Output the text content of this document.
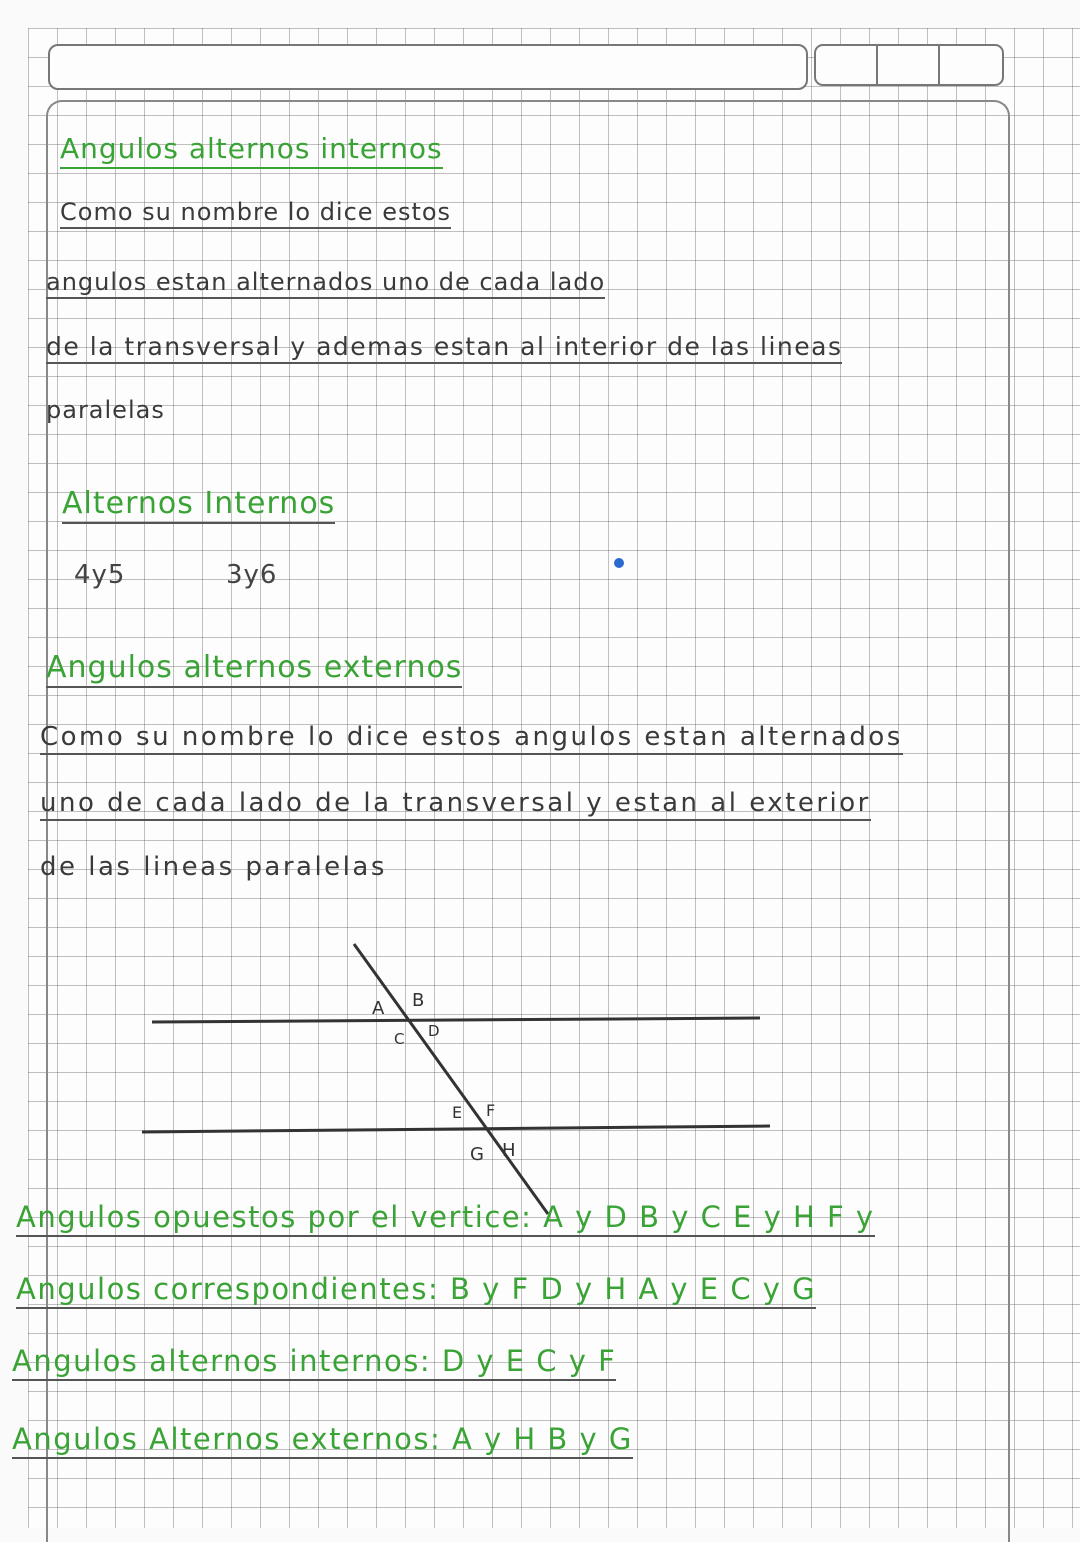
Angulos alternos internos
Como su nombre lo dice estos
angulos estan alternados uno de cada lado
de la transversal y ademas estan al interior de las lineas
paralelas
Alternos Internos
4y5	3y6
Angulos alternos externos
Como su nombre lo dice estos angulos estan alternados
uno de cada lado de la transversal y estan al exterior
de las lineas paralelas
A B
C D
E F
G H
Angulos opuestos por el vertice: A y D B y C E y H F y
Angulos correspondientes: B y F D y H A y E C y G
Angulos alternos internos: D y E C y F
Angulos Alternos externos: A y H B y G
